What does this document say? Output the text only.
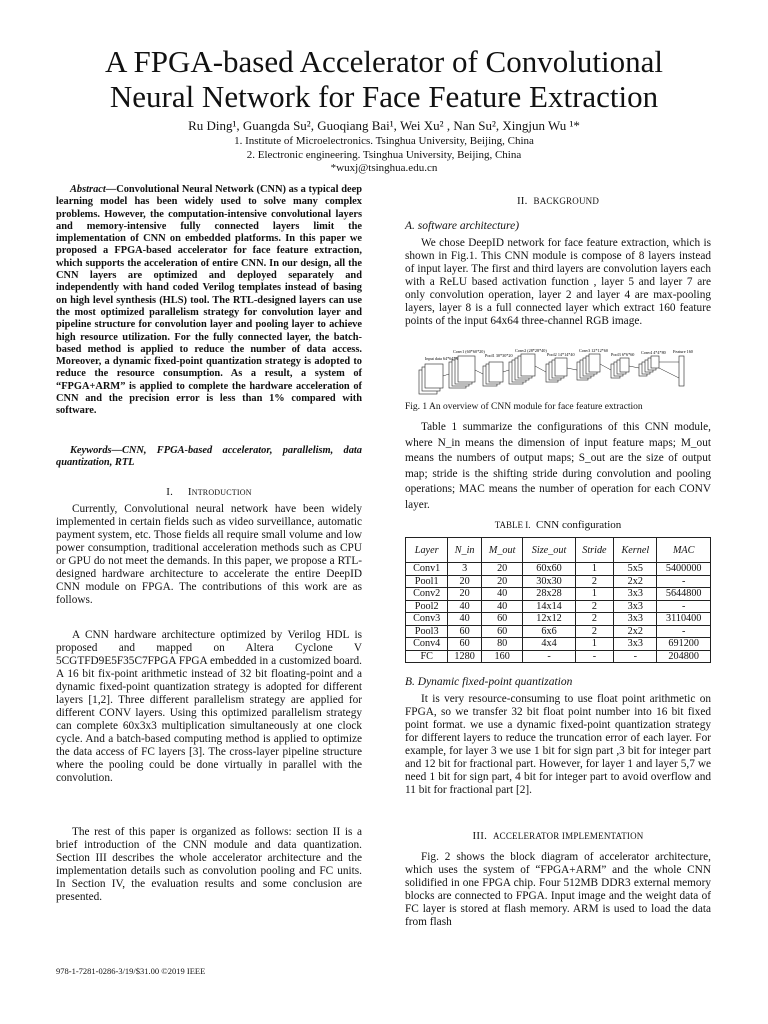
A FPGA-based Accelerator of Convolutional
Neural Network for Face Feature Extraction
Ru Ding¹, Guangda Su², Guoqiang Bai¹, Wei Xu² , Nan Su², Xingjun Wu ¹*
1. Institute of Microelectronics. Tsinghua University, Beijing, China
2. Electronic engineering. Tsinghua University, Beijing, China
*wuxj@tsinghua.edu.cn
Abstract—Convolutional Neural Network (CNN) as a typical deep learning model has been widely used to solve many complex problems. However, the computation-intensive convolutional layers and memory-intensive fully connected layers limit the implementation of CNN on embedded platforms. In this paper we proposed a FPGA-based accelerator for face feature extraction, which supports the acceleration of entire CNN. In our design, all the CNN layers are optimized and deployed separately and independently with hand coded Verilog templates instead of basing on high level synthesis (HLS) tool. The RTL-designed layers can use the most optimized parallelism strategy for convolution layer and pipeline structure for convolution layer and pooling layer to achieve high resource utilization. For the fully connected layer, the batch-based method is applied to reduce the number of data access. Moreover, a dynamic fixed-point quantization strategy is adopted to reduce the resource consumption. As a result, a system of “FPGA+ARM” is applied to complete the hardware acceleration of CNN and the precision error is less than 1% compared with software.
Keywords—CNN, FPGA-based accelerator, parallelism, data quantization, RTL
I. Introduction

Currently, Convolutional neural network have been widely implemented in certain fields such as video surveillance, automatic payment system, etc. Those fields all require small volume and low power consumption, traditional acceleration methods such as CPU or GPU do not meet the demands. In this paper, we propose a RTL-designed hardware architecture to accelerate the entire DeepID CNN module on FPGA. The contributions of this work are as follows.

A CNN hardware architecture optimized by Verilog HDL is proposed and mapped on Altera Cyclone V 5CGTFD9E5F35C7FPGA FPGA embedded in a customized board. A 16 bit fix-point arithmetic instead of 32 bit floating-point and a dynamic fixed-point quantization strategy is adopted for different layers [1,2]. Three different parallelism strategy are applied for different CONV layers. Using this optimized parallelism strategy can complete 60x3x3 multiplication simultaneously at one clock cycle. And a batch-based computing method is applied to optimize the data access of FC layers [3]. The cross-layer pipeline structure where the pooling could be done virtually in parallel with the convolution.

The rest of this paper is organized as follows: section II is a brief introduction of the CNN module and data quantization. Section III describes the whole accelerator architecture and the implementation details such as convolution pooling and FC units. In Section IV, the evaluation results and some conclusion are presented.

978-1-7281-0286-3/19/$31.00 ©2019 IEEE
II. BACKGROUND
A. software architecture)

We chose DeepID network for face feature extraction, which is shown in Fig.1. This CNN module is compose of 8 layers instead of input layer. The first and third layers are convolution layers each with a ReLU based activation function , layer 5 and layer 7 are only convolution operation, layer 2 and layer 4 are max-pooling layers, layer 8 is a full connected layer which extract 160 feature points of the input 64x64 three-channel RGB image.

Input data 64*64*3
Conv1 (60*60*20)
Pool1 30*30*20
Conv2 (28*28*40)
Pool2 14*14*40
Conv3 12*12*60
Pool3 6*6*60 Conv4 4*4*80 Feature 160
Fig. 1 An overview of CNN module for face feature extraction

Table 1 summarize the configurations of this CNN module, where N_in means the dimension of input feature maps; M_out means the numbers of output maps; S_out are the size of output map; stride is the shifting stride during convolution and pooling operations; MAC means the number of operation for each CONV layer.

TABLE I. CNN configuration
Layer	N_in	M_out	Size_out	Stride	Kernel	MAC
Conv1	3	20	60x60	1	5x5	5400000
Pool1	20	20	30x30	2	2x2	-
Conv2	20	40	28x28	1	3x3	5644800
Pool2	40	40	14x14	2	3x3	-
Conv3	40	60	12x12	2	3x3	3110400
Pool3	60	60	6x6	2	2x2	-
Conv4	60	80	4x4	1	3x3	691200
FC	1280	160	-	-	-	204800
B. Dynamic fixed-point quantization

It is very resource-consuming to use float point arithmetic on FPGA, so we transfer 32 bit float point number into 16 bit fixed point format. we use a dynamic fixed-point quantization strategy for different layers to reduce the truncation error of each layer. For example, for layer 3 we use 1 bit for sign part ,3 bit for integer part and 12 bit for fractional part. However, for layer 1 and layer 5,7 we need 1 bit for sign part, 4 bit for integer part to avoid overflow and 11 bit for fractional part [2].

III. ACCELERATOR IMPLEMENTATION

Fig. 2 shows the block diagram of accelerator architecture, which uses the system of “FPGA+ARM” and the whole CNN solidified in one FPGA chip. Four 512MB DDR3 external memory blocks are connected to FPGA. Input image and the weight data of FC layer is stored at flash memory. ARM is used to load the data from flash
